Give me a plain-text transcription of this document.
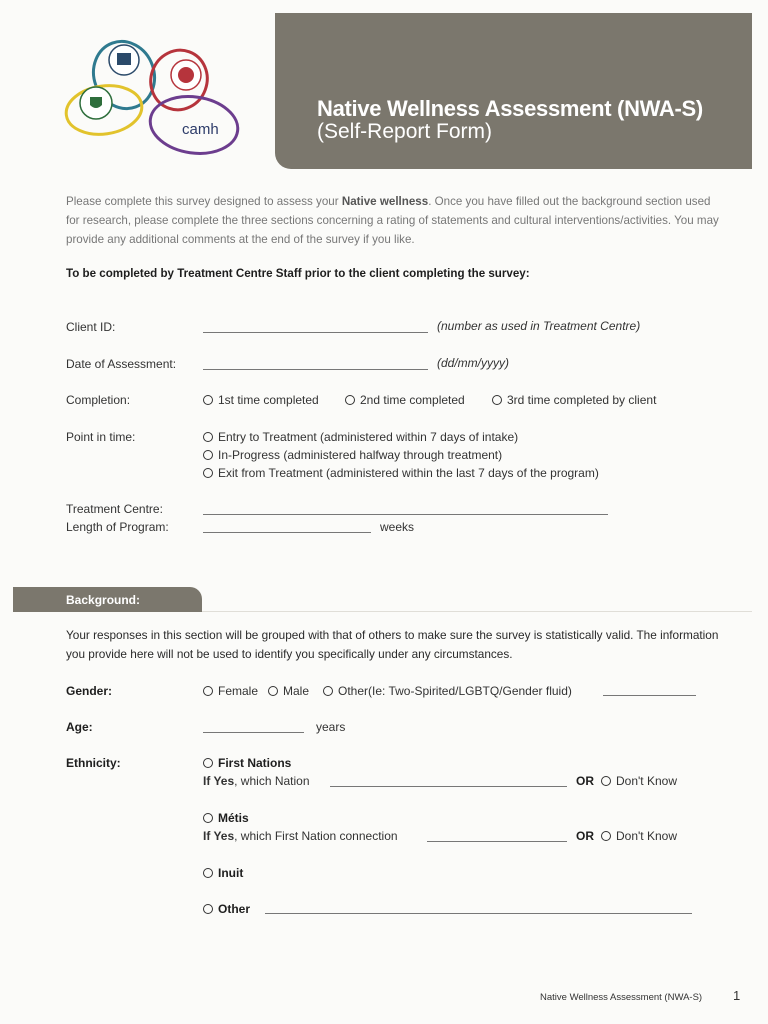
camh
Native Wellness Assessment (NWA-S)
(Self-Report Form)
Please complete this survey designed to assess your Native wellness. Once you have filled out the background section used for research, please complete the three sections concerning a rating of statements and cultural interventions/activities. You may provide any additional comments at the end of the survey if you like.
To be completed by Treatment Centre Staff prior to the client completing the survey:
Client ID:	(number as used in Treatment Centre)
Date of Assessment:	(dd/mm/yyyy)
Completion:	1st time completed	2nd time completed	3rd time completed by client
Point in time:	Entry to Treatment (administered within 7 days of intake)
In-Progress (administered halfway through treatment)
Exit from Treatment (administered within the last 7 days of the program)
Treatment Centre:
Length of Program:	weeks
Background:
Your responses in this section will be grouped with that of others to make sure the survey is statistically valid. The information you provide here will not be used to identify you specifically under any circumstances.
Gender:	Female Male Other(Ie: Two-Spirited/LGBTQ/Gender fluid)
Age:	years
Ethnicity:	First Nations
If Yes, which Nation	OR Don't Know
Métis
If Yes, which First Nation connection	OR Don't Know
Inuit
Other
Native Wellness Assessment (NWA-S) 1
